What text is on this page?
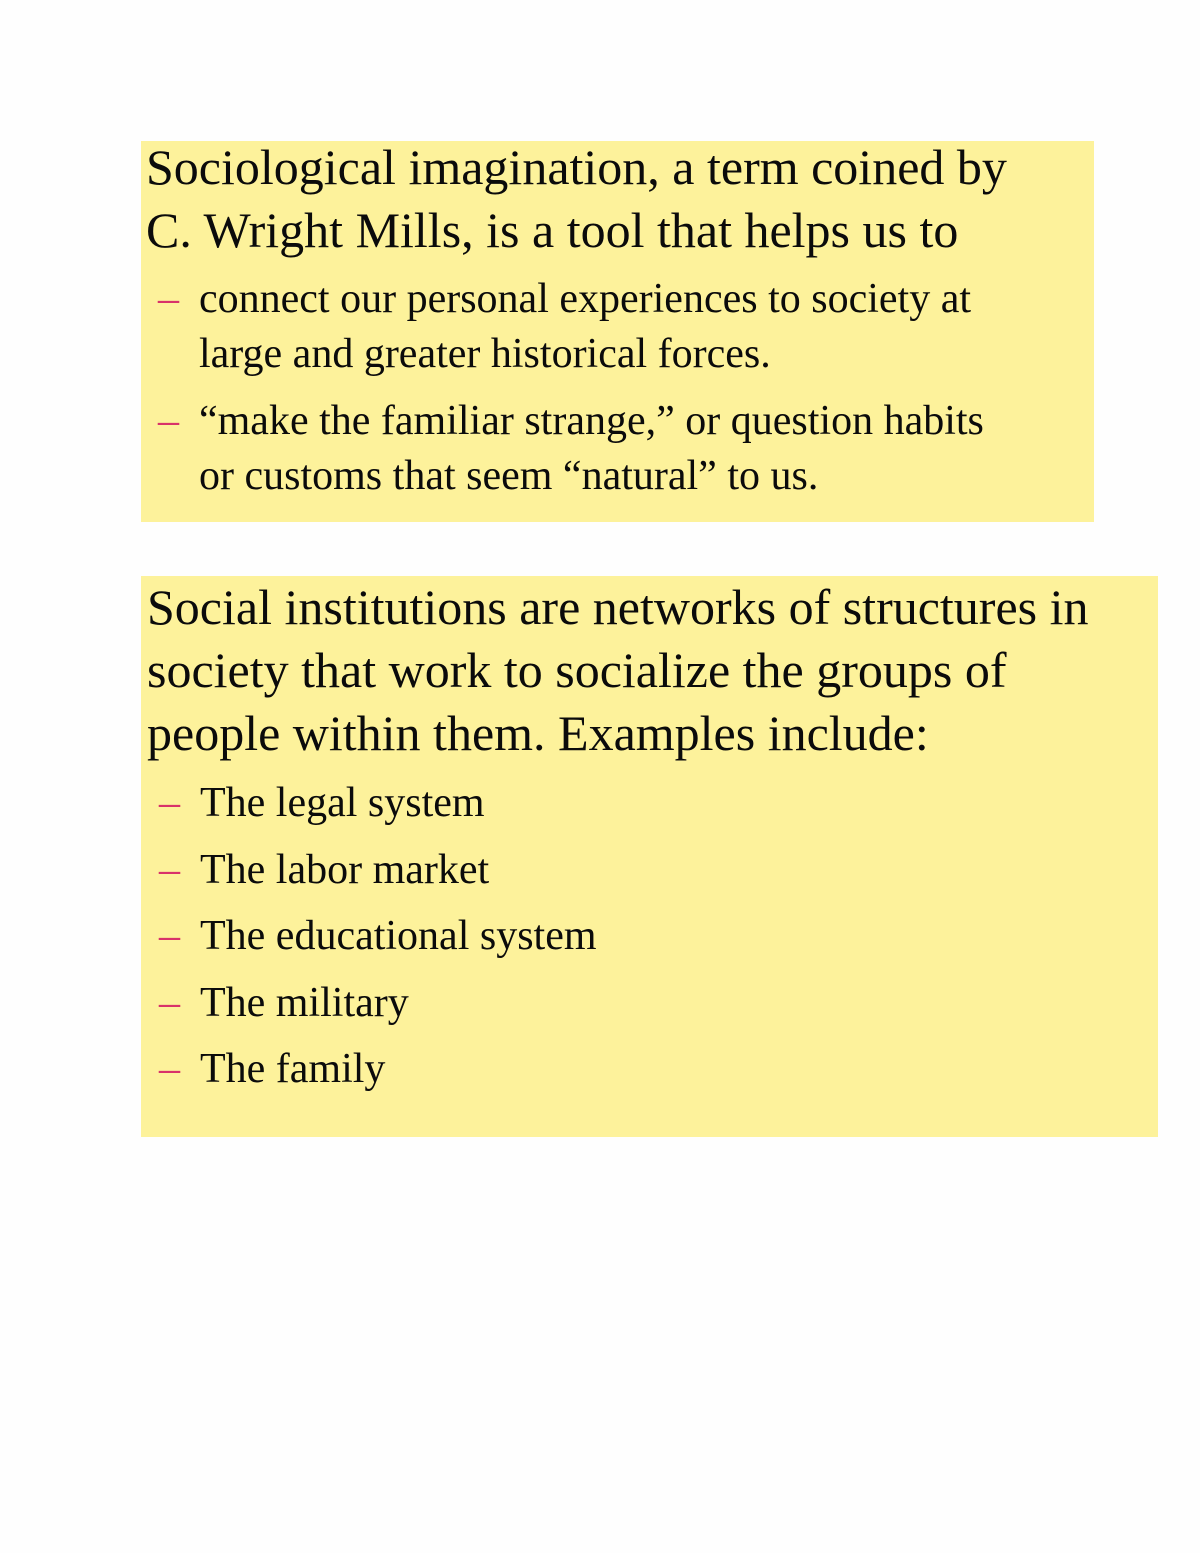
Sociological imagination, a term coined by
C. Wright Mills, is a tool that helps us to

– connect our personal experiences to society at
large and greater historical forces.
– “make the familiar strange,” or question habits
or customs that seem “natural” to us.

Social institutions are networks of structures in
society that work to socialize the groups of
people within them. Examples include:

– The legal system
– The labor market
– The educational system
– The military
– The family
